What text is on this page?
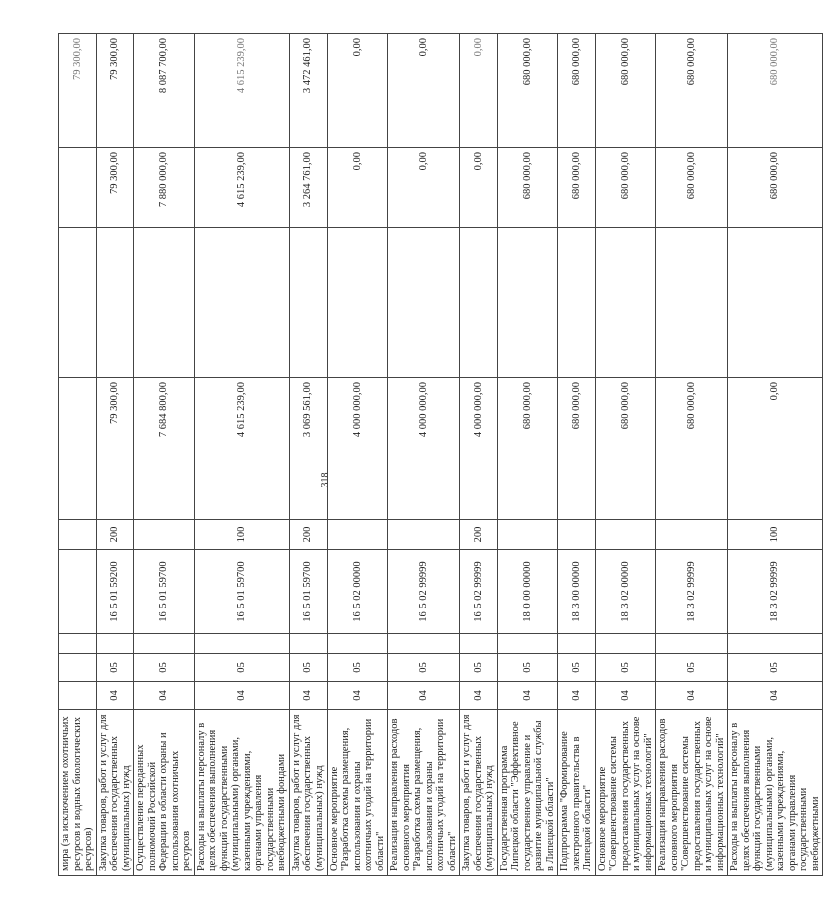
318
мира (за исключением охотничьих ресурсов и водных биологических ресурсов)									79 300,00
Закупка товаров, работ и услуг для обеспечения государственных (муниципальных) нужд	04	05		16 5 01 59200	200	79 300,00		79 300,00	79 300,00
Осуществление переданных полномочий Российской Федерации в области охраны и использования охотничьих ресурсов	04	05		16 5 01 59700		7 684 800,00		7 880 000,00	8 087 700,00
Расходы на выплаты персоналу в целях обеспечения выполнения функций государственными (муниципальными) органами, казенными учреждениями, органами управления государственными внебюджетными фондами	04	05		16 5 01 59700	100	4 615 239,00		4 615 239,00	4 615 239,00
Закупка товаров, работ и услуг для обеспечения государственных (муниципальных) нужд	04	05		16 5 01 59700	200	3 069 561,00		3 264 761,00	3 472 461,00
Основное мероприятие "Разработка схемы размещения, использования и охраны охотничьих угодий на территории области"	04	05		16 5 02 00000		4 000 000,00		0,00	0,00
Реализация направления расходов основного мероприятия "Разработка схемы размещения, использования и охраны охотничьих угодий на территории области"	04	05		16 5 02 99999		4 000 000,00		0,00	0,00
Закупка товаров, работ и услуг для обеспечения государственных (муниципальных) нужд	04	05		16 5 02 99999	200	4 000 000,00		0,00	0,00
Государственная программа Липецкой области "Эффективное государственное управление и развитие муниципальной службы в Липецкой области"	04	05		18 0 00 00000		680 000,00		680 000,00	680 000,00
Подпрограмма "Формирование электронного правительства в Липецкой области"	04	05		18 3 00 00000		680 000,00		680 000,00	680 000,00
Основное мероприятие "Совершенствование системы предоставления государственных и муниципальных услуг на основе информационных технологий"	04	05		18 3 02 00000		680 000,00		680 000,00	680 000,00
Реализация направления расходов основного мероприятия "Совершенствование системы предоставления государственных и муниципальных услуг на основе информационных технологий"	04	05		18 3 02 99999		680 000,00		680 000,00	680 000,00
Расходы на выплаты персоналу в целях обеспечения выполнения функций государственными (муниципальными) органами, казенными учреждениями, органами управления государственными внебюджетными	04	05		18 3 02 99999	100	0,00		680 000,00	680 000,00
